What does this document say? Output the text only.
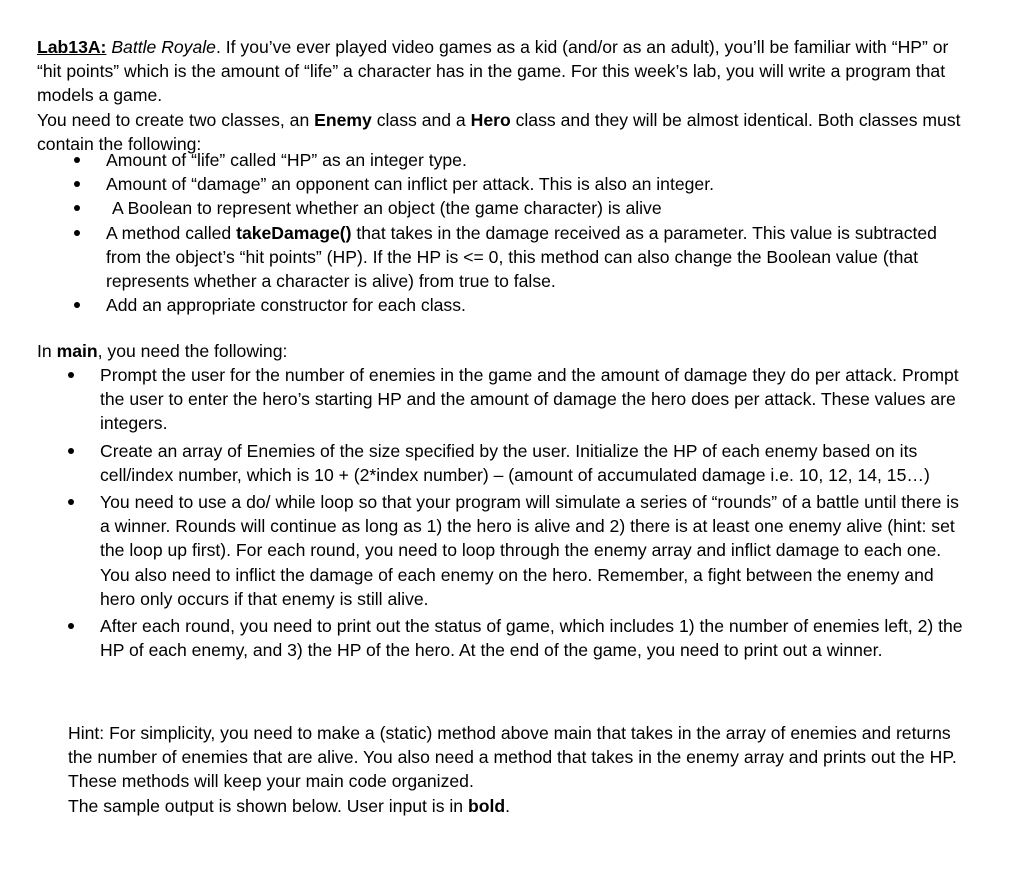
Lab13A: Battle Royale. If you’ve ever played video games as a kid (and/or as an adult), you’ll be familiar with “HP” or “hit points” which is the amount of “life” a character has in the game. For this week’s lab, you will write a program that models a game.

You need to create two classes, an Enemy class and a Hero class and they will be almost identical. Both classes must contain the following:

Amount of “life” called “HP” as an integer type.
Amount of “damage” an opponent can inflict per attack. This is also an integer.
A Boolean to represent whether an object (the game character) is alive
A method called takeDamage() that takes in the damage received as a parameter. This value is subtracted from the object’s “hit points” (HP). If the HP is <= 0, this method can also change the Boolean value (that represents whether a character is alive) from true to false.
Add an appropriate constructor for each class.

In main, you need the following:

Prompt the user for the number of enemies in the game and the amount of damage they do per attack. Prompt the user to enter the hero’s starting HP and the amount of damage the hero does per attack. These values are integers.
Create an array of Enemies of the size specified by the user. Initialize the HP of each enemy based on its cell/index number, which is 10 + (2*index number) – (amount of accumulated damage i.e. 10, 12, 14, 15…)
You need to use a do/ while loop so that your program will simulate a series of “rounds” of a battle until there is a winner. Rounds will continue as long as 1) the hero is alive and 2) there is at least one enemy alive (hint: set the loop up first). For each round, you need to loop through the enemy array and inflict damage to each one. You also need to inflict the damage of each enemy on the hero. Remember, a fight between the enemy and hero only occurs if that enemy is still alive.
After each round, you need to print out the status of game, which includes 1) the number of enemies left, 2) the HP of each enemy, and 3) the HP of the hero. At the end of the game, you need to print out a winner.

Hint: For simplicity, you need to make a (static) method above main that takes in the array of enemies and returns the number of enemies that are alive. You also need a method that takes in the enemy array and prints out the HP. These methods will keep your main code organized.

The sample output is shown below. User input is in bold.
